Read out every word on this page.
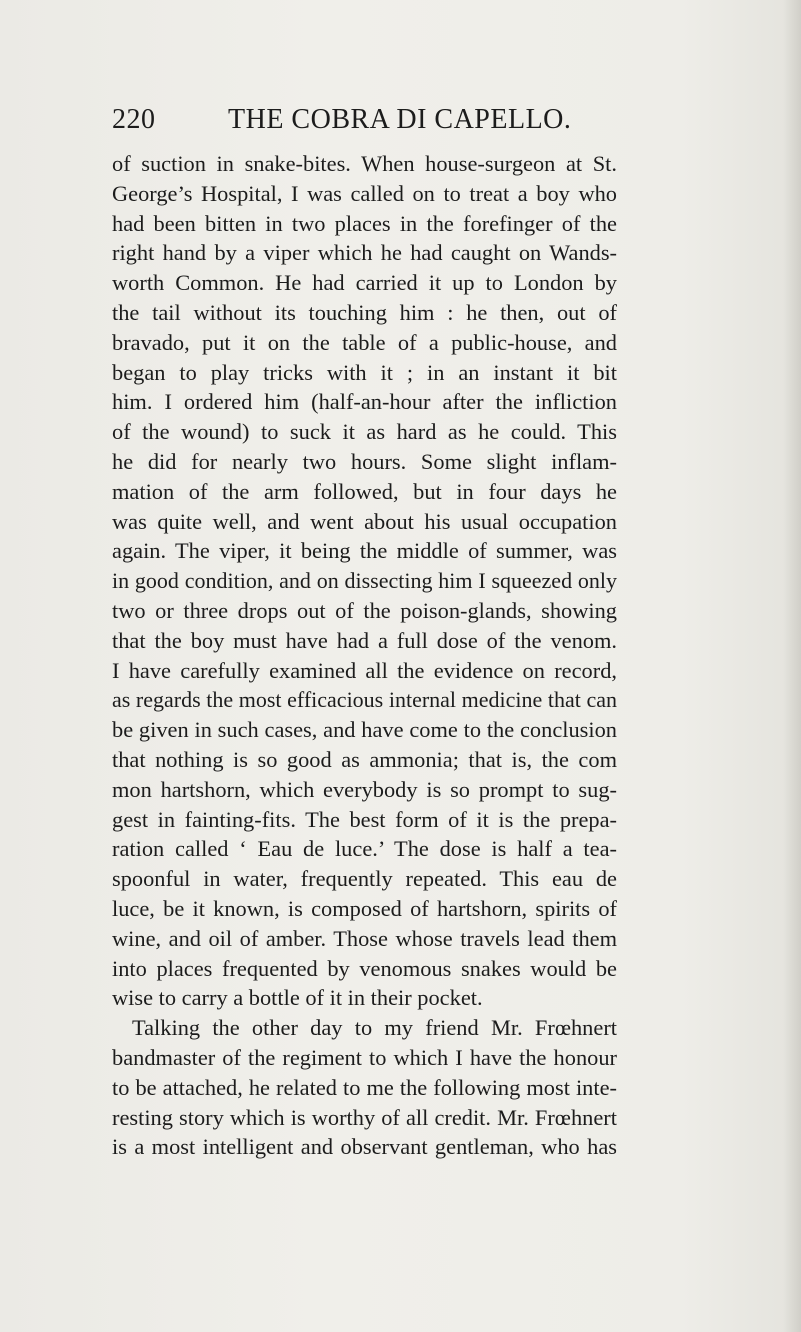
220	THE COBRA DI CAPELLO.
of suction in snake-bites. When house-surgeon at St.
George’s Hospital, I was called on to treat a boy who
had been bitten in two places in the forefinger of the
right hand by a viper which he had caught on Wands-
worth Common. He had carried it up to London by
the tail without its touching him : he then, out of
bravado, put it on the table of a public-house, and
began to play tricks with it ; in an instant it bit
him. I ordered him (half-an-hour after the infliction
of the wound) to suck it as hard as he could. This
he did for nearly two hours. Some slight inflam-
mation of the arm followed, but in four days he
was quite well, and went about his usual occupation
again. The viper, it being the middle of summer, was
in good condition, and on dissecting him I squeezed only
two or three drops out of the poison-glands, showing
that the boy must have had a full dose of the venom.
I have carefully examined all the evidence on record,
as regards the most efficacious internal medicine that can
be given in such cases, and have come to the conclusion
that nothing is so good as ammonia; that is, the com
mon hartshorn, which everybody is so prompt to sug-
gest in fainting-fits. The best form of it is the prepa-
ration called ‘ Eau de luce.’ The dose is half a tea-
spoonful in water, frequently repeated. This eau de
luce, be it known, is composed of hartshorn, spirits of
wine, and oil of amber. Those whose travels lead them
into places frequented by venomous snakes would be
wise to carry a bottle of it in their pocket.
Talking the other day to my friend Mr. Frœhnert
bandmaster of the regiment to which I have the honour
to be attached, he related to me the following most inte-
resting story which is worthy of all credit. Mr. Frœhnert
is a most intelligent and observant gentleman, who has
